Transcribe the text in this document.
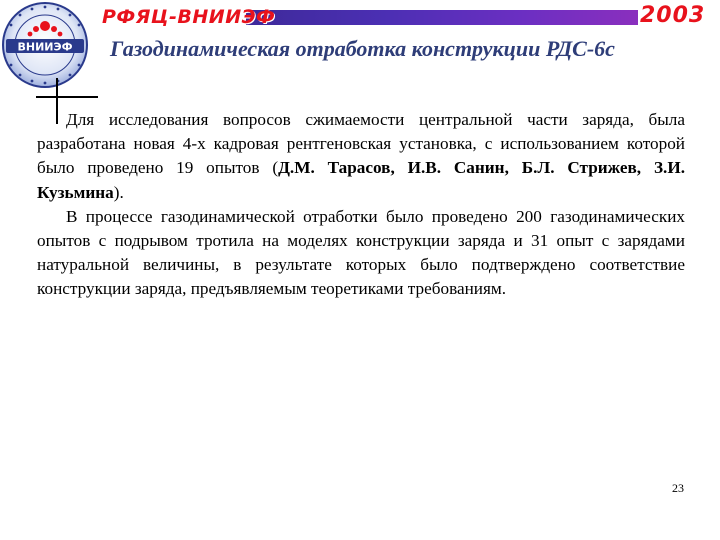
ВНИИЭФ
РФЯЦ-ВНИИЭФ	2003
Газодинамическая отработка конструкции РДС-6с

Для исследования вопросов сжимаемости центральной части заряда, была разработана новая 4-х кадровая рентгеновская установка, с использованием которой было проведено 19 опытов (Д.М. Тарасов, И.В. Санин, Б.Л. Стрижев, З.И. Кузьмина).

В процессе газодинамической отработки было проведено 200 газодинамических опытов с подрывом тротила на моделях конструкции заряда и 31 опыт с зарядами натуральной величины, в результате которых было подтверждено соответствие конструкции заряда, предъявляемым теоретиками требованиям.

23
